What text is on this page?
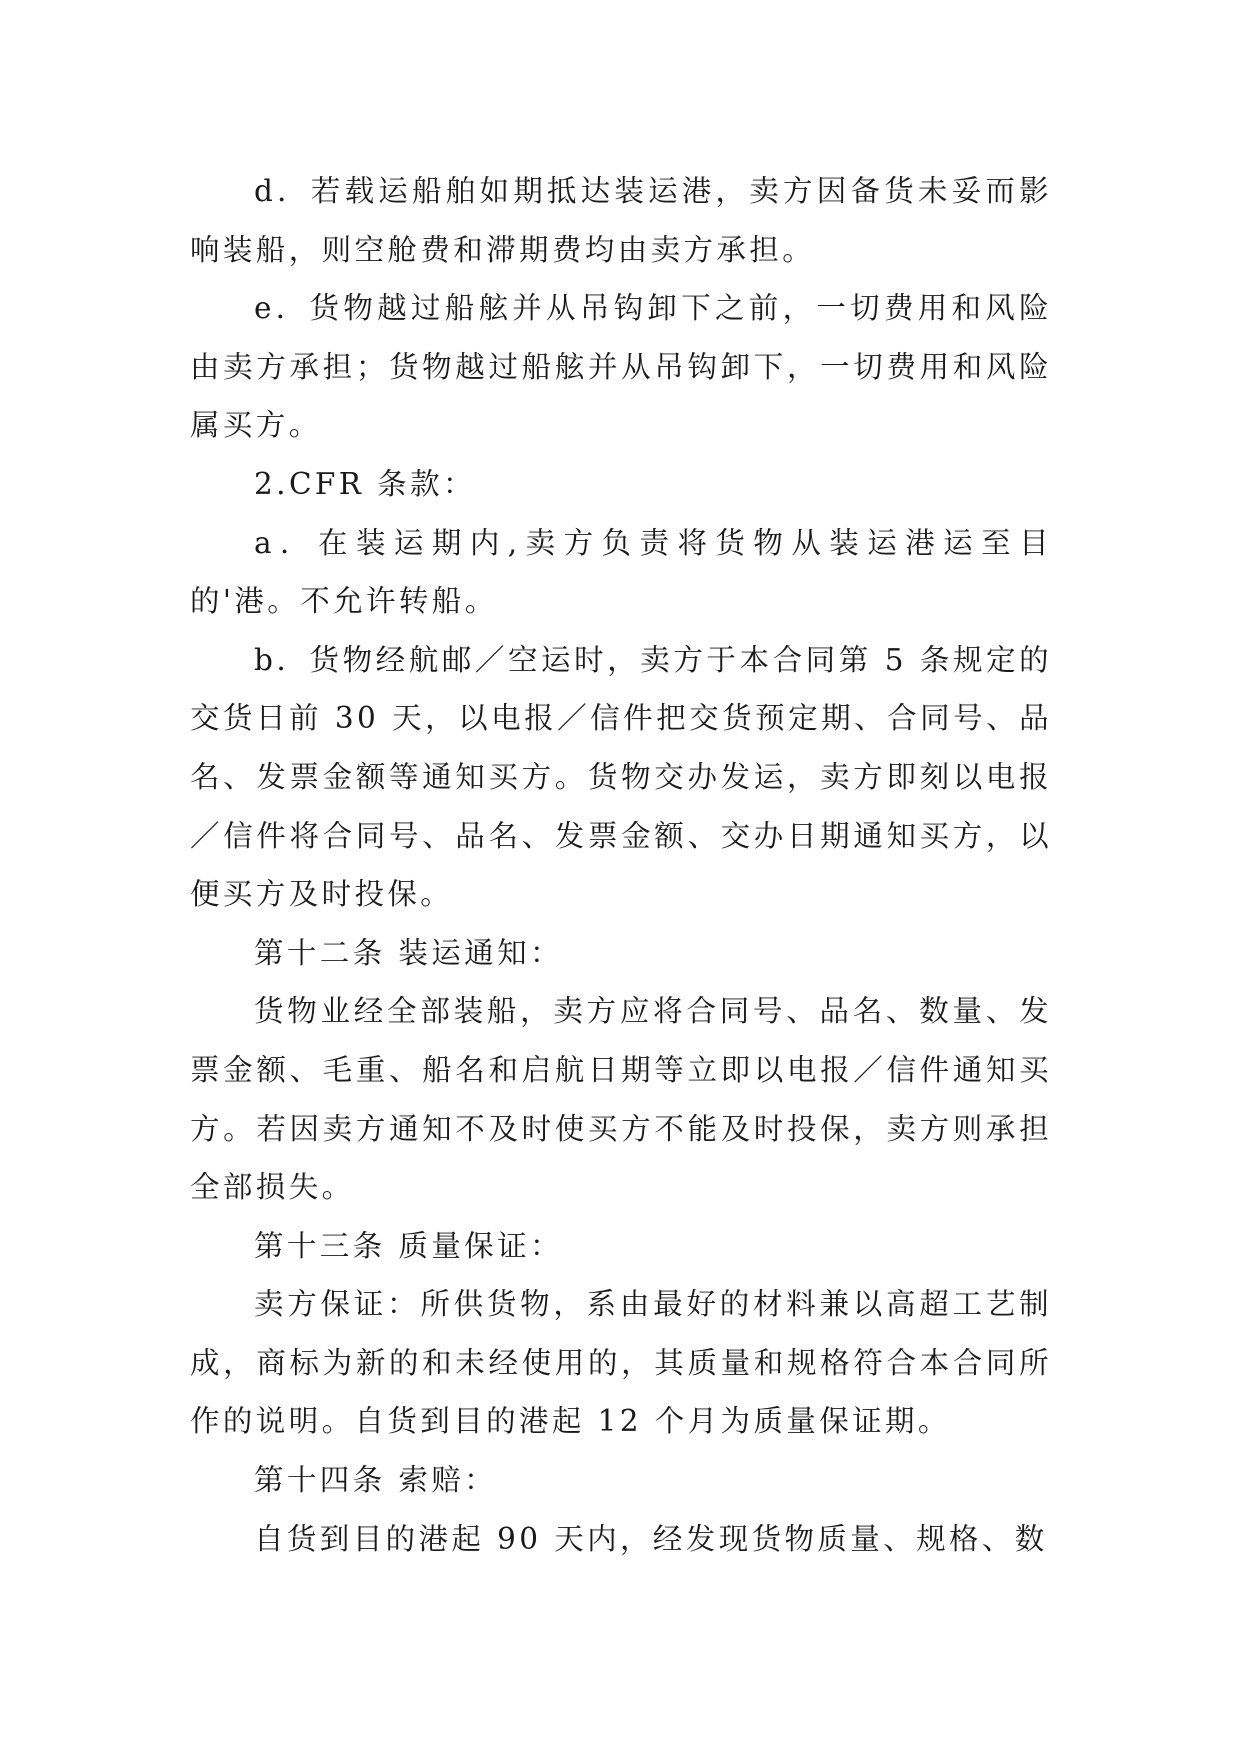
d．若载运船舶如期抵达装运港，卖方因备货未妥而影响装船，则空舱费和滞期费均由卖方承担。

e．货物越过船舷并从吊钩卸下之前，一切费用和风险由卖方承担；货物越过船舷并从吊钩卸下，一切费用和风险属买方。

2.CFR 条款：

a．在装运期内,卖方负责将货物从装运港运至目的'港。不允许转船。

b．货物经航邮／空运时，卖方于本合同第 5 条规定的交货日前 30 天，以电报／信件把交货预定期、合同号、品名、发票金额等通知买方。货物交办发运，卖方即刻以电报／信件将合同号、品名、发票金额、交办日期通知买方，以便买方及时投保。

第十二条 装运通知：

货物业经全部装船，卖方应将合同号、品名、数量、发票金额、毛重、船名和启航日期等立即以电报／信件通知买方。若因卖方通知不及时使买方不能及时投保，卖方则承担全部损失。

第十三条 质量保证：

卖方保证：所供货物，系由最好的材料兼以高超工艺制成，商标为新的和未经使用的，其质量和规格符合本合同所作的说明。自货到目的港起 12 个月为质量保证期。

第十四条 索赔：

自货到目的港起 90 天内，经发现货物质量、规格、数
